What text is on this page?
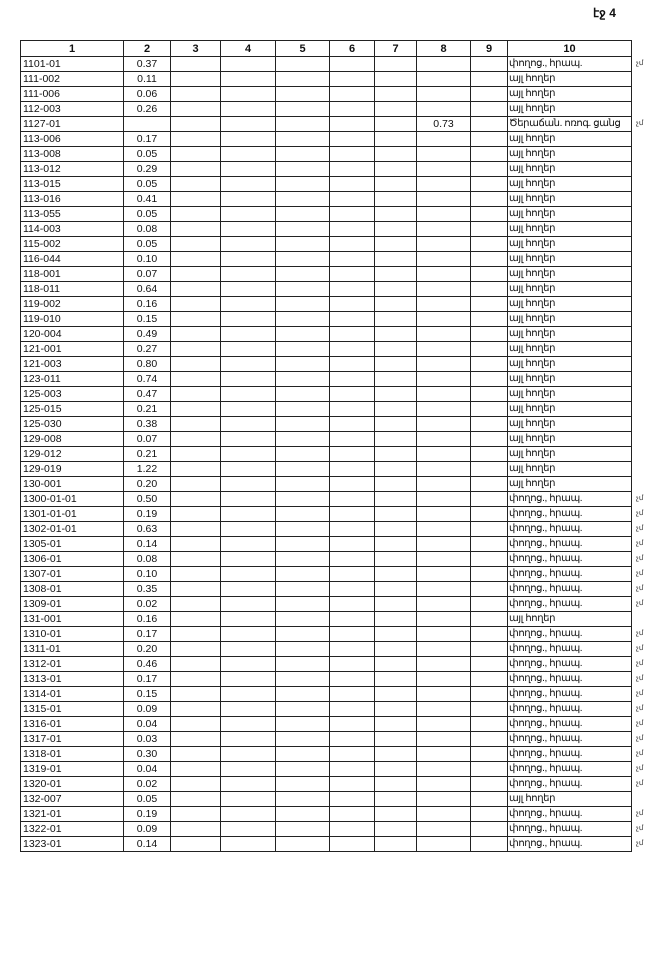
էջ 4
1	2	3	4	5	6	7	8	9	10	
1101-01	0.37								փողոց., հրապ.	չմ
111-002	0.11								այլ հողեր	
111-006	0.06								այլ հողեր	
112-003	0.26								այլ հողեր	
1127-01							0.73		Ծերաճան. ոռոգ. ցանց	չմ
113-006	0.17								այլ հողեր	
113-008	0.05								այլ հողեր	
113-012	0.29								այլ հողեր	
113-015	0.05								այլ հողեր	
113-016	0.41								այլ հողեր	
113-055	0.05								այլ հողեր	
114-003	0.08								այլ հողեր	
115-002	0.05								այլ հողեր	
116-044	0.10								այլ հողեր	
118-001	0.07								այլ հողեր	
118-011	0.64								այլ հողեր	
119-002	0.16								այլ հողեր	
119-010	0.15								այլ հողեր	
120-004	0.49								այլ հողեր	
121-001	0.27								այլ հողեր	
121-003	0.80								այլ հողեր	
123-011	0.74								այլ հողեր	
125-003	0.47								այլ հողեր	
125-015	0.21								այլ հողեր	
125-030	0.38								այլ հողեր	
129-008	0.07								այլ հողեր	
129-012	0.21								այլ հողեր	
129-019	1.22								այլ հողեր	
130-001	0.20								այլ հողեր	
1300-01-01	0.50								փողոց., հրապ.	չմ
1301-01-01	0.19								փողոց., հրապ.	չմ
1302-01-01	0.63								փողոց., հրապ.	չմ
1305-01	0.14								փողոց., հրապ.	չմ
1306-01	0.08								փողոց., հրապ.	չմ
1307-01	0.10								փողոց., հրապ.	չմ
1308-01	0.35								փողոց., հրապ.	չմ
1309-01	0.02								փողոց., հրապ.	չմ
131-001	0.16								այլ հողեր	
1310-01	0.17								փողոց., հրապ.	չմ
1311-01	0.20								փողոց., հրապ.	չմ
1312-01	0.46								փողոց., հրապ.	չմ
1313-01	0.17								փողոց., հրապ.	չմ
1314-01	0.15								փողոց., հրապ.	չմ
1315-01	0.09								փողոց., հրապ.	չմ
1316-01	0.04								փողոց., հրապ.	չմ
1317-01	0.03								փողոց., հրապ.	չմ
1318-01	0.30								փողոց., հրապ.	չմ
1319-01	0.04								փողոց., հրապ.	չմ
1320-01	0.02								փողոց., հրապ.	չմ
132-007	0.05								այլ հողեր	
1321-01	0.19								փողոց., հրապ.	չմ
1322-01	0.09								փողոց., հրապ.	չմ
1323-01	0.14								փողոց., հրապ.	չմ
